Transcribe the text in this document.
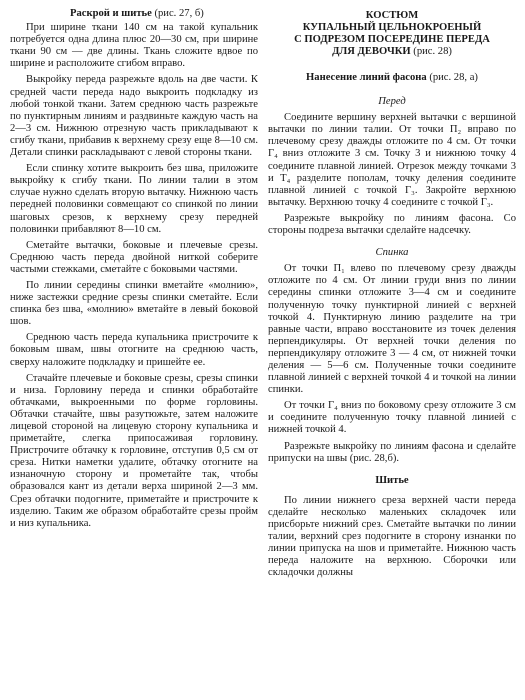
Раскрой и шитье (рис. 27, б)

При ширине ткани 140 см на такой купальник потребуется одна длина плюс 20—30 см, при ширине ткани 90 см — две длины. Ткань сложите вдвое по ширине и расположите сгибом вправо.

Выкройку переда разрежьте вдоль на две части. К средней части переда надо выкроить подкладку из любой тонкой ткани. Затем среднюю часть разрежьте по пунктирным линиям и раздвиньте каждую часть на 2—3 см. Нижнюю отрезную часть прикладывают к сгибу ткани, прибавив к верхнему срезу еще 8—10 см. Детали спинки раскладывают с левой стороны ткани.

Если спинку хотите выкроить без шва, приложите выкройку к сгибу ткани. По линии талии в этом случае нужно сделать вторую вытачку. Нижнюю часть передней половинки совмещают со спинкой по линии шаговых срезов, к верхнему срезу передней половинки прибавляют 8—10 см.

Сметайте вытачки, боковые и плечевые срезы. Среднюю часть переда двойной ниткой соберите частыми стежками, сметайте с боковыми частями.

По линии середины спинки вметайте «молнию», ниже застежки средние срезы спинки сметайте. Если спинка без шва, «молнию» вметайте в левый боковой шов.

Среднюю часть переда купальника пристрочите к боковым швам, швы отогните на среднюю часть, сверху наложите подкладку и пришейте ее.

Стачайте плечевые и боковые срезы, срезы спинки и низа. Горловину переда и спинки обработайте обтачками, выкроенными по форме горловины. Обтачки стачайте, швы разутюжьте, затем наложите лицевой стороной на лицевую сторону купальника и приметайте, слегка припосаживая горловину. Пристрочите обтачку к горловине, отступив 0,5 см от среза. Нитки наметки удалите, обтачку отогните на изнаночную сторону и прометайте так, чтобы образовался кант из детали верха шириной 2—3 мм. Срез обтачки подогните, приметайте и пристрочите к изделию. Таким же образом обработайте срезы пройм и низ купальника.

КОСТЮМ
КУПАЛЬНЫЙ ЦЕЛЬНОКРОЕНЫЙ
С ПОДРЕЗОМ ПОСЕРЕДИНЕ ПЕРЕДА
ДЛЯ ДЕВОЧКИ (рис. 28)
Нанесение линий фасона (рис. 28, а)
Перед

Соедините вершину верхней вытачки с вершиной вытачки по линии талии. От точки П₂ вправо по плечевому срезу дважды отложите по 4 см. От точки Г₄ вниз отложите 3 см. Точку 3 и нижнюю точку 4 соедините плавной линией. Отрезок между точками 3 и Т₄ разделите пополам, точку деления соедините плавной линией с точкой Г₃. Закройте верхнюю вытачку. Верхнюю точку 4 соедините с точкой Г₃.

Разрежьте выкройку по линиям фасона. Со стороны подреза вытачки сделайте надсечку.

Спинка

От точки П₁ влево по плечевому срезу дважды отложите по 4 см. От линии груди вниз по линии середины спинки отложите 3—4 см и соедините полученную точку пунктирной линией с верхней точкой 4. Пунктирную линию разделите на три равные части, вправо восстановите из точек деления перпендикуляры. От верхней точки деления по перпендикуляру отложите 3 — 4 см, от нижней точки деления — 5—6 см. Полученные точки соедините плавной линией с верхней точкой 4 и точкой на линии спинки.

От точки Г₄ вниз по боковому срезу отложите 3 см и соедините полученную точку плавной линией с нижней точкой 4.

Разрежьте выкройку по линиям фасона и сделайте припуски на швы (рис. 28,б).

Шитье

По линии нижнего среза верхней части переда сделайте несколько маленьких складочек или присборьте нижний срез. Сметайте вытачки по линии талии, верхний срез подогните в сторону изнанки по линии припуска на шов и приметайте. Нижнюю часть переда наложите на верхнюю. Сборочки или складочки должны
